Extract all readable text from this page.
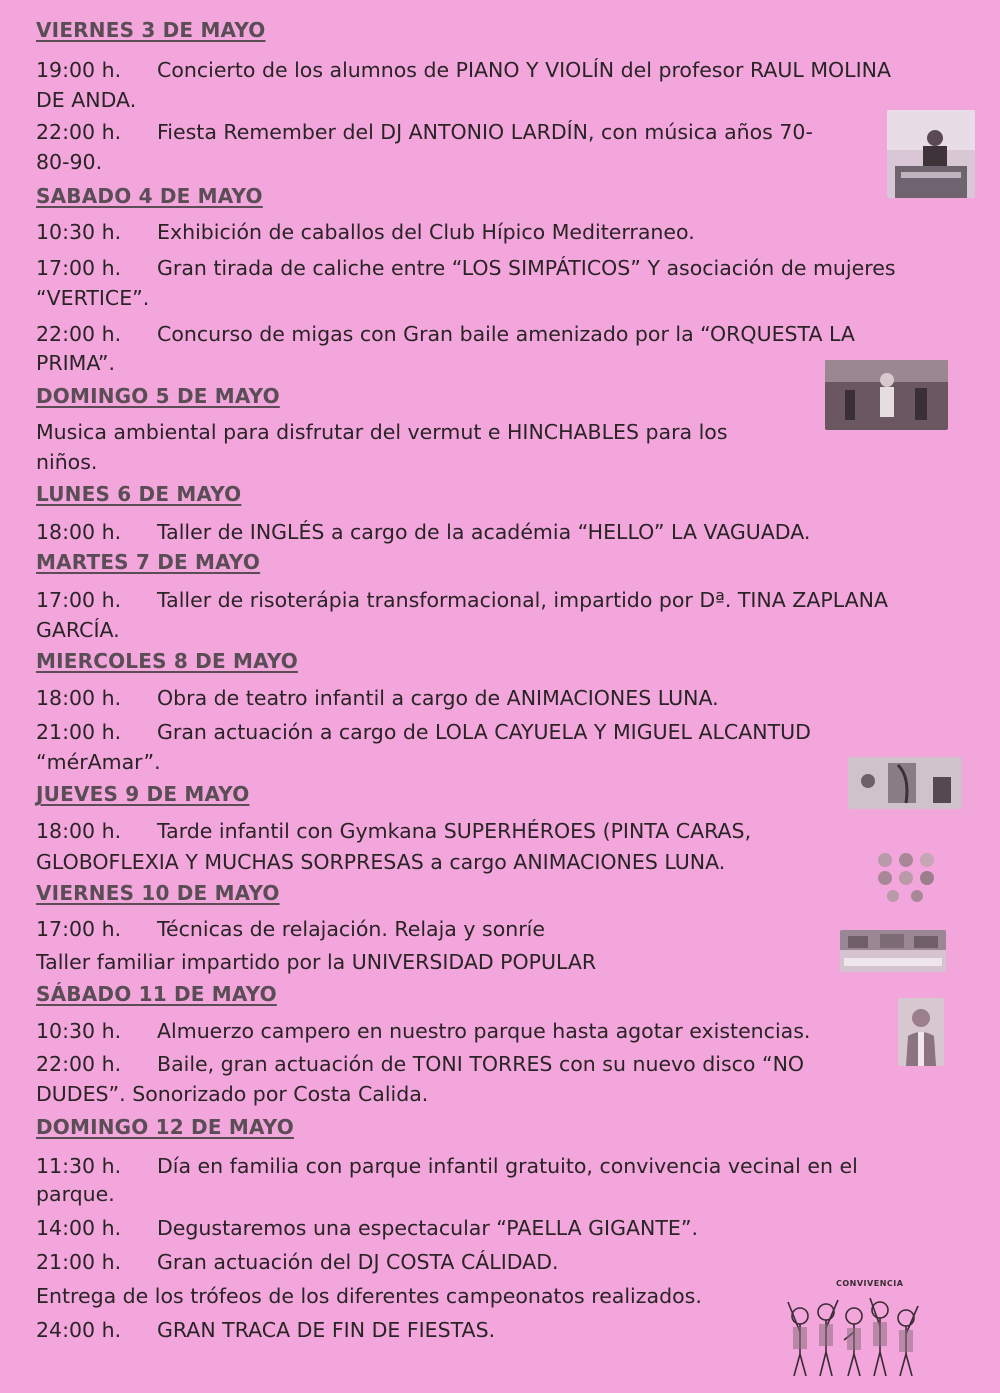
VIERNES 3 DE MAYO
19:00 h. Concierto de los alumnos de PIANO Y VIOLÍN del profesor RAUL MOLINA
DE ANDA.
22:00 h. Fiesta Remember del DJ ANTONIO LARDÍN, con música años 70-
80-90.
SABADO 4 DE MAYO
10:30 h. Exhibición de caballos del Club Hípico Mediterraneo.
17:00 h. Gran tirada de caliche entre “LOS SIMPÁTICOS” Y asociación de mujeres
“VERTICE”.
22:00 h. Concurso de migas con Gran baile amenizado por la “ORQUESTA LA
PRIMA”.
DOMINGO 5 DE MAYO
Musica ambiental para disfrutar del vermut e HINCHABLES para los
niños.
LUNES 6 DE MAYO
18:00 h. Taller de INGLÉS a cargo de la académia “HELLO” LA VAGUADA.
MARTES 7 DE MAYO
17:00 h. Taller de risoterápia transformacional, impartido por Dª. TINA ZAPLANA
GARCÍA.
MIERCOLES 8 DE MAYO
18:00 h. Obra de teatro infantil a cargo de ANIMACIONES LUNA.
21:00 h. Gran actuación a cargo de LOLA CAYUELA Y MIGUEL ALCANTUD
“mérAmar”.
JUEVES 9 DE MAYO
18:00 h. Tarde infantil con Gymkana SUPERHÉROES (PINTA CARAS,
GLOBOFLEXIA Y MUCHAS SORPRESAS a cargo ANIMACIONES LUNA.
VIERNES 10 DE MAYO
17:00 h. Técnicas de relajación. Relaja y sonríe
Taller familiar impartido por la UNIVERSIDAD POPULAR
SÁBADO 11 DE MAYO
10:30 h. Almuerzo campero en nuestro parque hasta agotar existencias.
22:00 h. Baile, gran actuación de TONI TORRES con su nuevo disco “NO
DUDES”. Sonorizado por Costa Calida.
DOMINGO 12 DE MAYO
11:30 h. Día en familia con parque infantil gratuito, convivencia vecinal en el
parque.
14:00 h. Degustaremos una espectacular “PAELLA GIGANTE”.
21:00 h. Gran actuación del DJ COSTA CÁLIDAD.
Entrega de los trófeos de los diferentes campeonatos realizados.
24:00 h. GRAN TRACA DE FIN DE FIESTAS.
CONVIVENCIA
